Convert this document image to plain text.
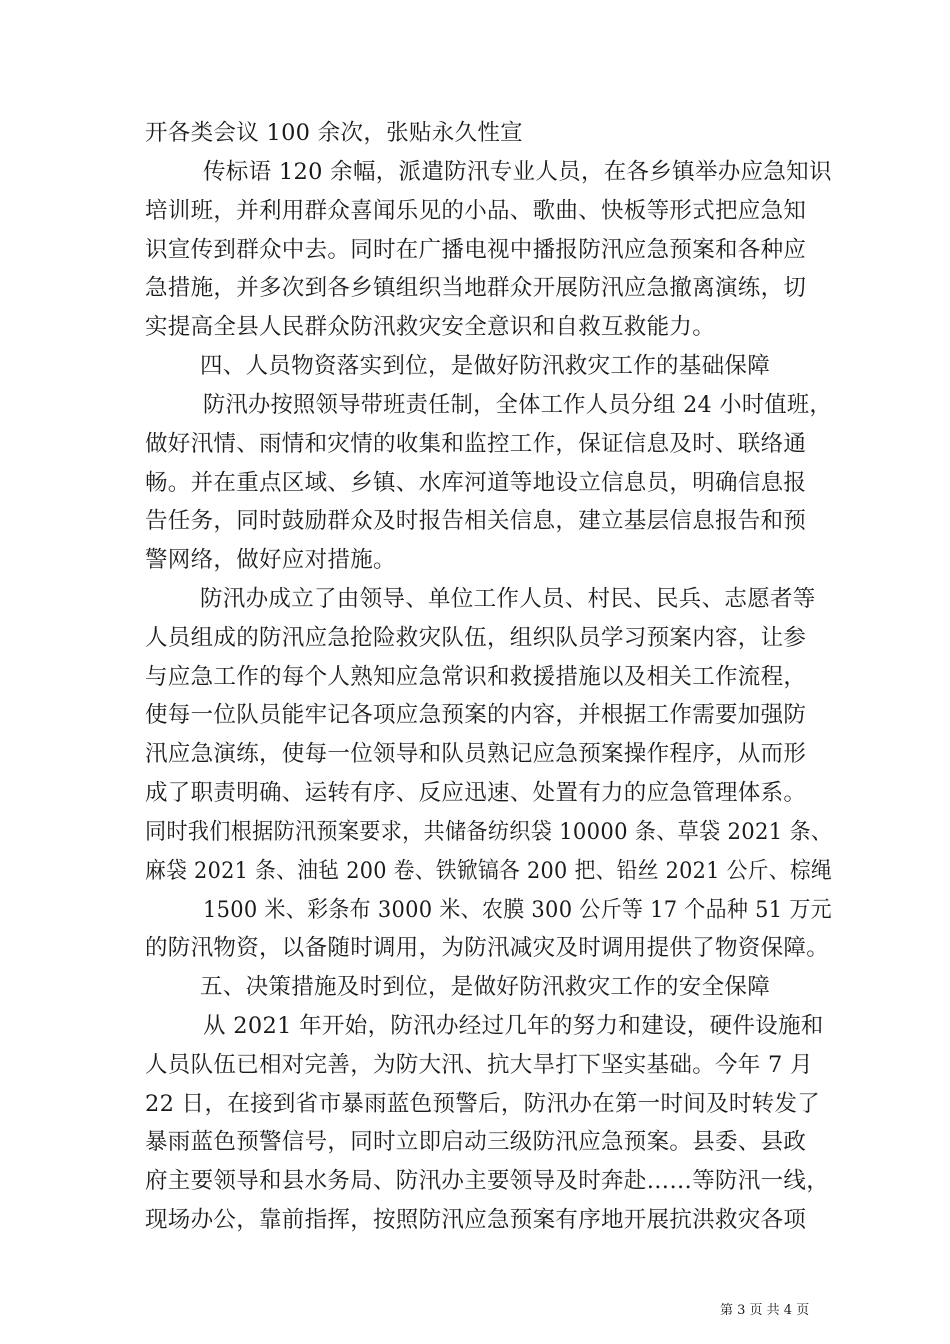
开各类会议 100 余次，张贴永久性宣
传标语 120 余幅，派遣防汛专业人员，在各乡镇举办应急知识
培训班，并利用群众喜闻乐见的小品、歌曲、快板等形式把应急知
识宣传到群众中去。同时在广播电视中播报防汛应急预案和各种应
急措施，并多次到各乡镇组织当地群众开展防汛应急撤离演练，切
实提高全县人民群众防汛救灾安全意识和自救互救能力。
四、人员物资落实到位，是做好防汛救灾工作的基础保障
防汛办按照领导带班责任制，全体工作人员分组 24 小时值班，
做好汛情、雨情和灾情的收集和监控工作，保证信息及时、联络通
畅。并在重点区域、乡镇、水库河道等地设立信息员，明确信息报
告任务，同时鼓励群众及时报告相关信息，建立基层信息报告和预
警网络，做好应对措施。
防汛办成立了由领导、单位工作人员、村民、民兵、志愿者等
人员组成的防汛应急抢险救灾队伍，组织队员学习预案内容，让参
与应急工作的每个人熟知应急常识和救援措施以及相关工作流程，
使每一位队员能牢记各项应急预案的内容，并根据工作需要加强防
汛应急演练，使每一位领导和队员熟记应急预案操作程序，从而形
成了职责明确、运转有序、反应迅速、处置有力的应急管理体系。
同时我们根据防汛预案要求，共储备纺织袋 10000 条、草袋 2021 条、
麻袋 2021 条、油毡 200 卷、铁锨镐各 200 把、铅丝 2021 公斤、棕绳
1500 米、彩条布 3000 米、农膜 300 公斤等 17 个品种 51 万元
的防汛物资，以备随时调用，为防汛减灾及时调用提供了物资保障。
五、决策措施及时到位，是做好防汛救灾工作的安全保障
从 2021 年开始，防汛办经过几年的努力和建设，硬件设施和
人员队伍已相对完善，为防大汛、抗大旱打下坚实基础。今年 7 月
22 日，在接到省市暴雨蓝色预警后，防汛办在第一时间及时转发了
暴雨蓝色预警信号，同时立即启动三级防汛应急预案。县委、县政
府主要领导和县水务局、防汛办主要领导及时奔赴……等防汛一线，
现场办公，靠前指挥，按照防汛应急预案有序地开展抗洪救灾各项
第 3 页 共 4 页
